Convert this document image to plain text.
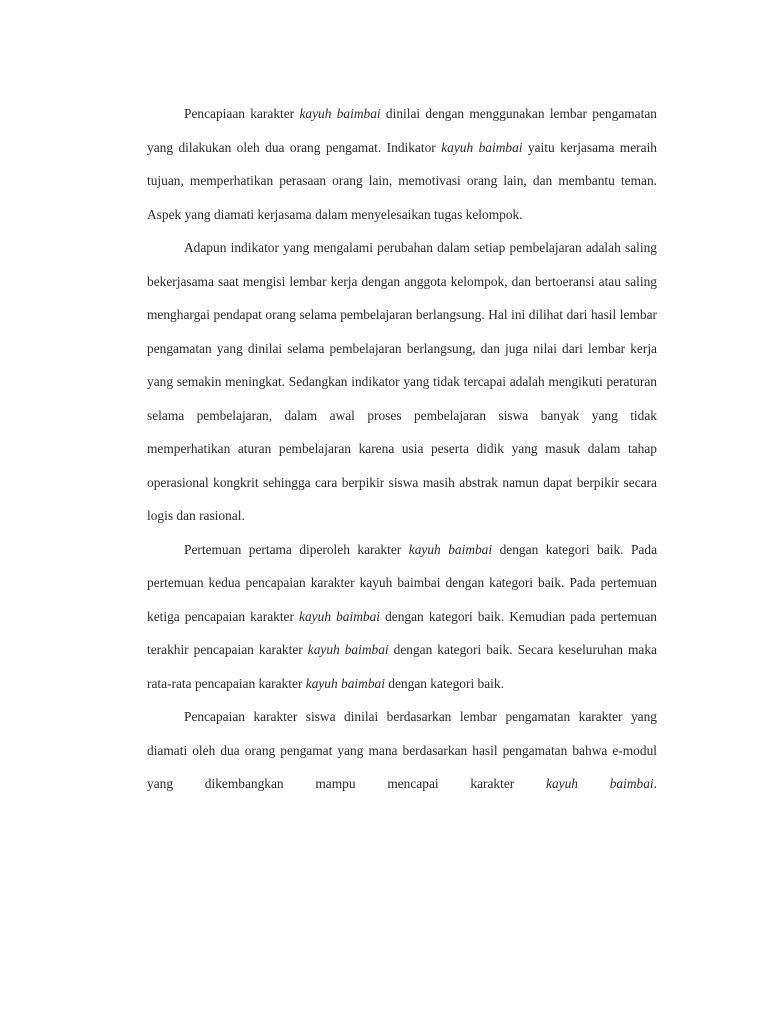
Pencapiaan karakter kayuh baimbai dinilai dengan menggunakan lembar pengamatan yang dilakukan oleh dua orang pengamat. Indikator kayuh baimbai yaitu kerjasama meraih tujuan, memperhatikan perasaan orang lain, memotivasi orang lain, dan membantu teman. Aspek yang diamati kerjasama dalam menyelesaikan tugas kelompok.

Adapun indikator yang mengalami perubahan dalam setiap pembelajaran adalah saling bekerjasama saat mengisi lembar kerja dengan anggota kelompok, dan bertoeransi atau saling menghargai pendapat orang selama pembelajaran berlangsung. Hal ini dilihat dari hasil lembar pengamatan yang dinilai selama pembelajaran berlangsung, dan juga nilai dari lembar kerja yang semakin meningkat. Sedangkan indikator yang tidak tercapai adalah mengikuti peraturan selama pembelajaran, dalam awal proses pembelajaran siswa banyak yang tidak memperhatikan aturan pembelajaran karena usia peserta didik yang masuk dalam tahap operasional kongkrit sehingga cara berpikir siswa masih abstrak namun dapat berpikir secara logis dan rasional.

Pertemuan pertama diperoleh karakter kayuh baimbai dengan kategori baik. Pada pertemuan kedua pencapaian karakter kayuh baimbai dengan kategori baik. Pada pertemuan ketiga pencapaian karakter kayuh baimbai dengan kategori baik. Kemudian pada pertemuan terakhir pencapaian karakter kayuh baimbai dengan kategori baik. Secara keseluruhan maka rata-rata pencapaian karakter kayuh baimbai dengan kategori baik.

Pencapaian karakter siswa dinilai berdasarkan lembar pengamatan karakter yang diamati oleh dua orang pengamat yang mana berdasarkan hasil pengamatan bahwa e-modul yang dikembangkan mampu mencapai karakter kayuh baimbai.
